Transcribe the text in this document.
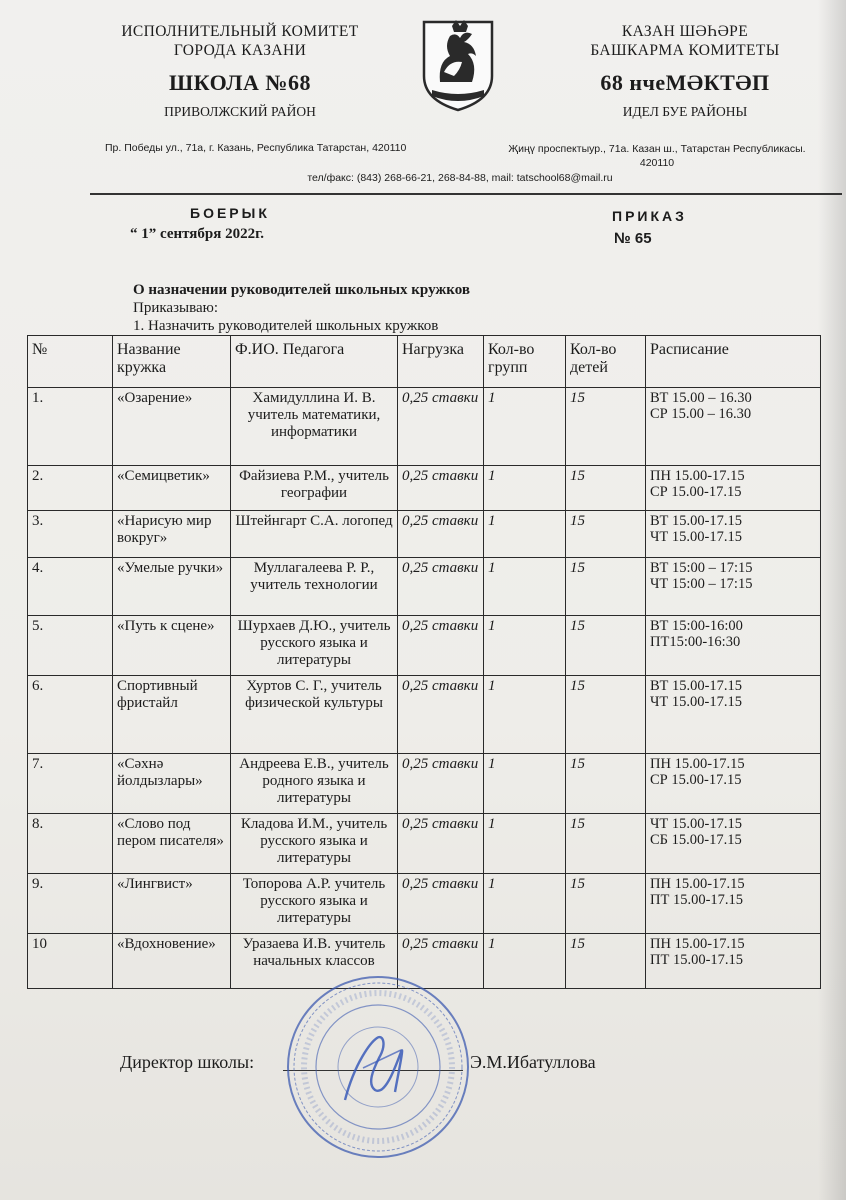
ИСПОЛНИТЕЛЬНЫЙ КОМИТЕТ
ГОРОДА КАЗАНИ
ШКОЛА №68
ПРИВОЛЖСКИЙ РАЙОН
КАЗАН ШӘҺӘРЕ
БАШКАРМА КОМИТЕТЫ
68 нчеМӘКТӘП
ИДЕЛ БУЕ РАЙОНЫ
Пр. Победы ул., 71а, г. Казань, Республика Татарстан, 420110	Җиңү проспектыур., 71а. Казан ш., Татарстан Республикасы.
420110
тел/факс: (843) 268-66-21, 268-84-88, mail: tatschool68@mail.ru
БОЕРЫК
“ 1” сентября 2022г.
ПРИКАЗ
№ 65
О назначении руководителей школьных кружков
Приказываю:
1. Назначить руководителей школьных кружков
№	Название кружка	Ф.ИО. Педагога	Нагрузка	Кол-во групп	Кол-во детей	Расписание
1.	«Озарение»	Хамидуллина И. В. учитель математики, информатики	0,25 ставки	1	15	ВТ 15.00 – 16.30
СР 15.00 – 16.30

2.	«Семицветик»	Файзиева Р.М., учитель географии	0,25 ставки	1	15	ПН 15.00-17.15
СР 15.00-17.15

3.	«Нарисую мир вокруг»	Штейнгарт С.А. логопед	0,25 ставки	1	15	ВТ 15.00-17.15
ЧТ 15.00-17.15

4.	«Умелые ручки»	Муллагалеева Р. Р., учитель технологии	0,25 ставки	1	15	ВТ 15:00 – 17:15
ЧТ 15:00 – 17:15

5.	«Путь к сцене»	Шурхаев Д.Ю., учитель русского языка и литературы	0,25 ставки	1	15	ВТ 15:00-16:00
ПТ15:00-16:30

6.	Спортивный фристайл	Хуртов С. Г., учитель физической культуры	0,25 ставки	1	15	ВТ 15.00-17.15
ЧТ 15.00-17.15

7.	«Сәхнә йолдызлары»	Андреева Е.В., учитель родного языка и литературы	0,25 ставки	1	15	ПН 15.00-17.15
СР 15.00-17.15

8.	«Слово под пером писателя»	Кладова И.М., учитель русского языка и литературы	0,25 ставки	1	15	ЧТ 15.00-17.15
СБ 15.00-17.15

9.	«Лингвист»	Топорова А.Р. учитель русского языка и литературы	0,25 ставки	1	15	ПН 15.00-17.15
ПТ 15.00-17.15

10	«Вдохновение»	Уразаева И.В. учитель начальных классов	0,25 ставки	1	15	ПН 15.00-17.15
ПТ 15.00-17.15
Директор школы:	Э.М.Ибатуллова
